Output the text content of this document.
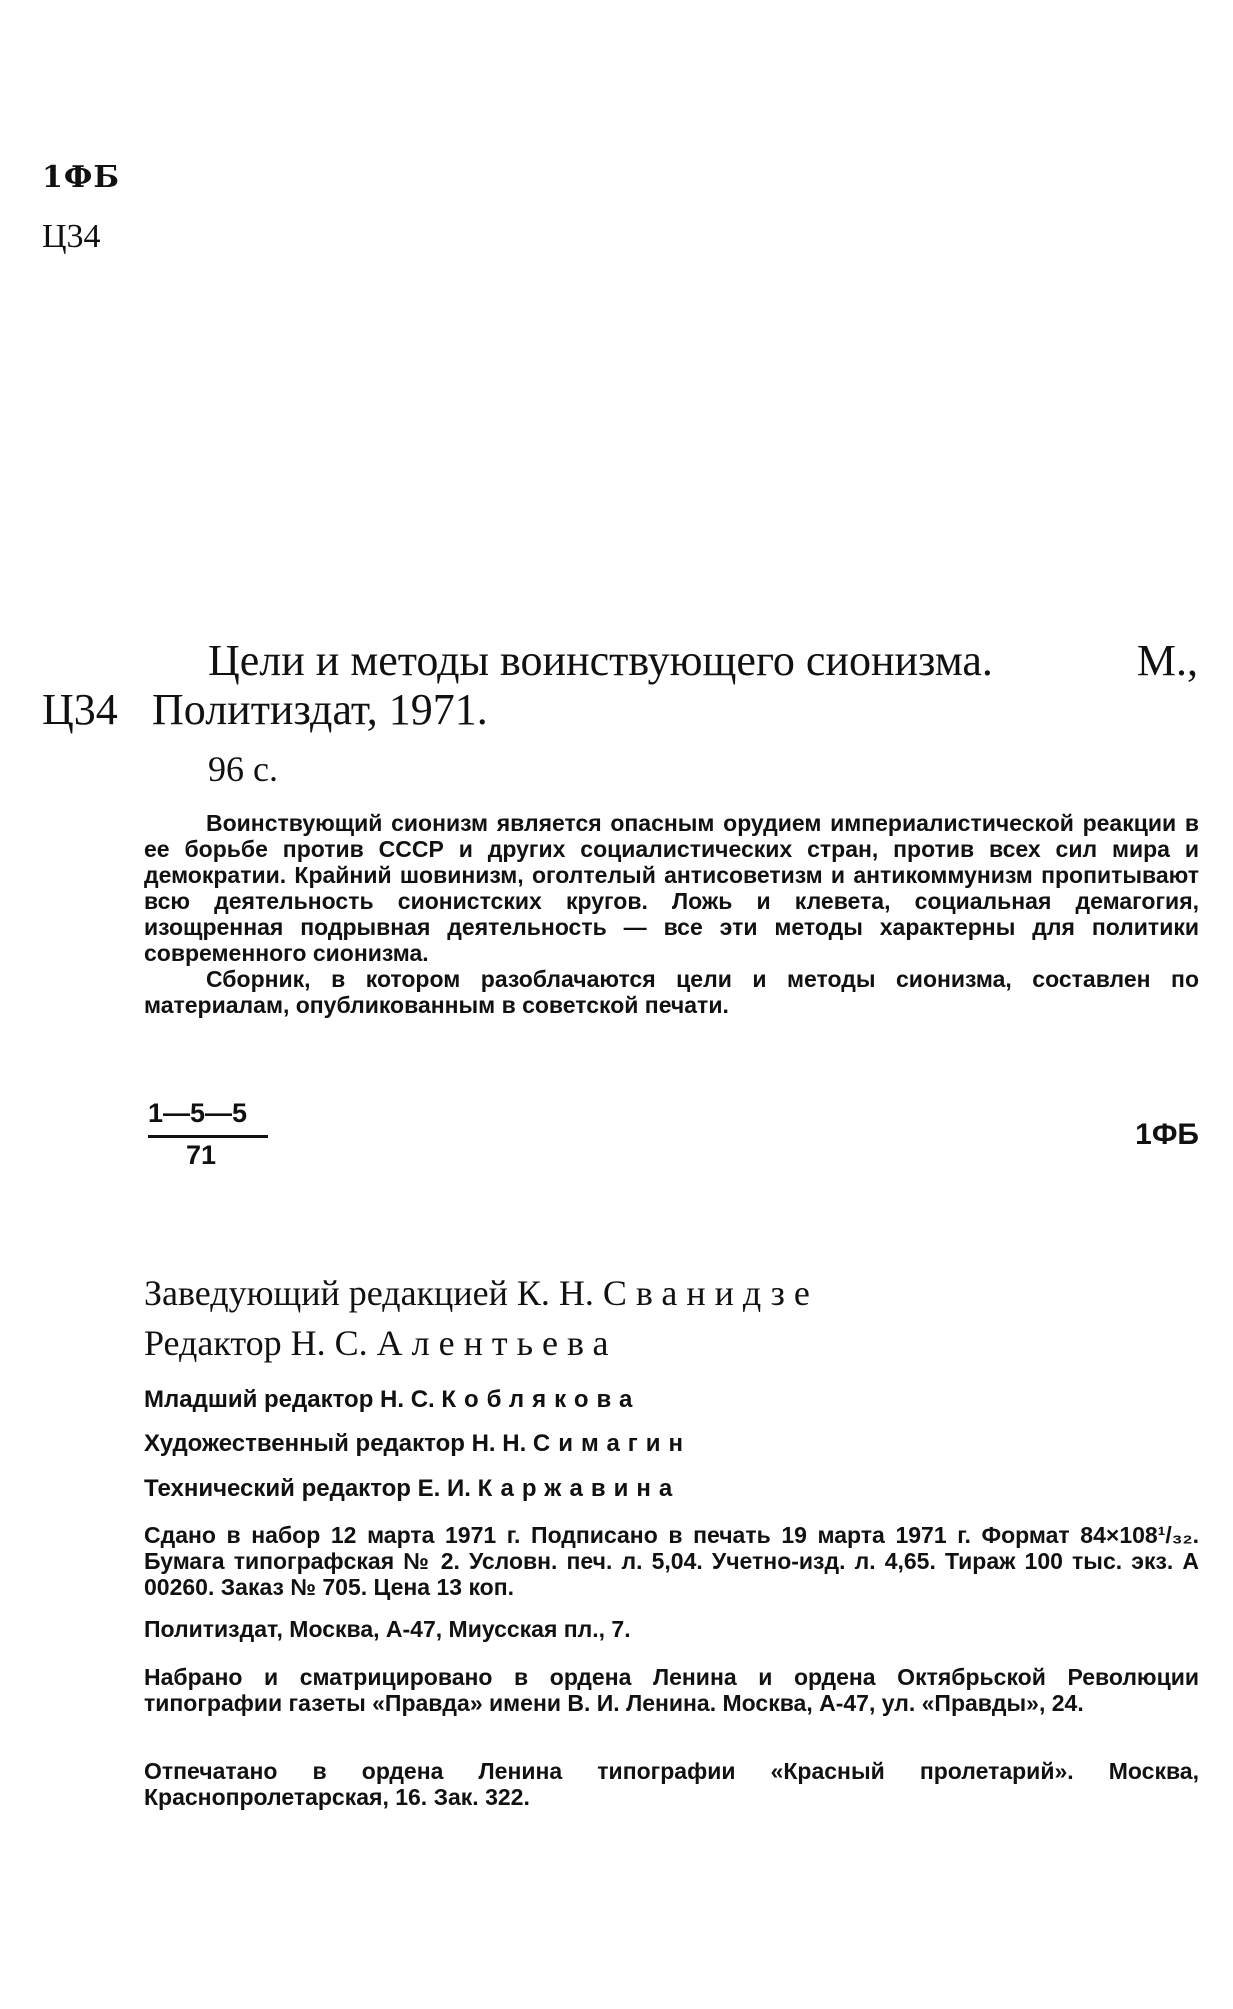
1ФБ
Ц34
Цели и методы воинствующего сионизма.	М.,
Ц34 Политиздат, 1971.
96 с.

Воинствующий сионизм является опасным орудием империалистической реакции в ее борьбе против СССР и других социалистических стран, против всех сил мира и демократии. Крайний шовинизм, оголтелый антисоветизм и антикоммунизм пропитывают всю деятельность сионистских кругов. Ложь и клевета, социальная демагогия, изощренная подрывная деятельность — все эти методы характерны для политики современного сионизма.

Сборник, в котором разоблачаются цели и методы сионизма, составлен по материалам, опубликованным в советской печати.

1—5—5
71
1ФБ
Заведующий редакцией К. Н. Сванидзе
Редактор Н. С. Алентьева
Младший редактор Н. С. Коблякова
Художественный редактор Н. Н. Симагин
Технический редактор Е. И. Каржавина

Сдано в набор 12 марта 1971 г. Подписано в печать 19 марта 1971 г. Формат 84×108¹/₃₂. Бумага типографская № 2. Условн. печ. л. 5,04. Учетно-изд. л. 4,65. Тираж 100 тыс. экз. А 00260. Заказ № 705. Цена 13 коп.

Политиздат, Москва, А-47, Миусская пл., 7.

Набрано и сматрицировано в ордена Ленина и ордена Октябрьской Революции типографии газеты «Правда» имени В. И. Ленина. Москва, А-47, ул. «Правды», 24.

Отпечатано в ордена Ленина типографии «Красный пролетарий». Москва, Краснопролетарская, 16. Зак. 322.
